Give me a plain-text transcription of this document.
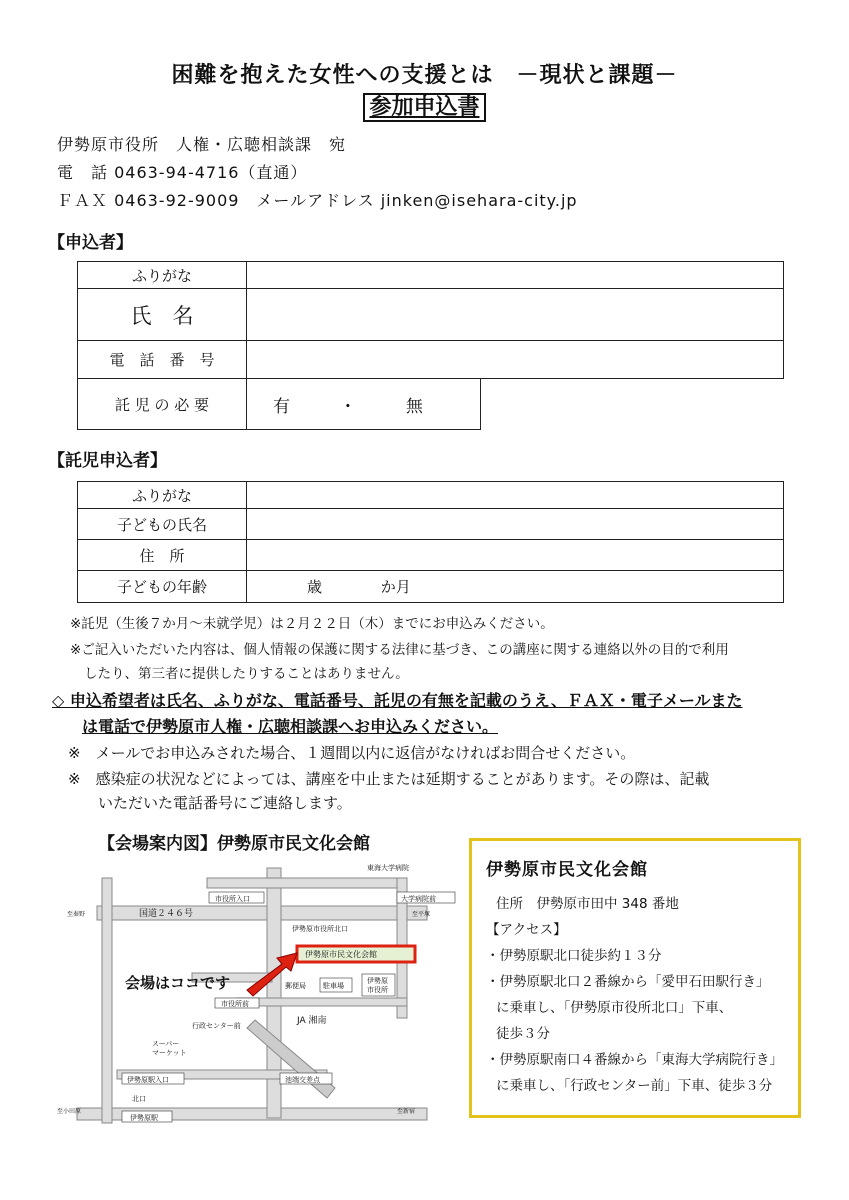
困難を抱えた女性への支援とは　－現状と課題－
参加申込書
伊勢原市役所　人権・広聴相談課　宛
電　話 0463-94-4716（直通）
ＦＡＸ 0463-92-9009　メールアドレス jinken@isehara-city.jp
【申込者】
ふりがな	
氏　名	
電　話　番　号	
託 児 の 必 要	有	・	無
【託児申込者】
ふりがな	
子どもの氏名	
住　所	
子どもの年齢	歳 か月
※託児（生後７か月～未就学児）は２月２２日（木）までにお申込みください。
※ご記入いただいた内容は、個人情報の保護に関する法律に基づき、この講座に関する連絡以外の目的で利用
したり、第三者に提供したりすることはありません。
◇ 申込希望者は氏名、ふりがな、電話番号、託児の有無を記載のうえ、ＦＡＸ・電子メールまた
は電話で伊勢原市人権・広聴相談課へお申込みください。
※　メールでお申込みされた場合、１週間以内に返信がなければお問合せください。
※　感染症の状況などによっては、講座を中止または延期することがあります。その際は、記載
いただいた電話番号にご連絡します。
【会場案内図】伊勢原市民文化会館
東海大学病院
市役所入口	大学病院前
国道２４６号
至秦野	至平塚
伊勢原市役所北口
伊勢原市民文化会館
駐車場
郵便局
伊勢原
市役所
市役所前
行政センター前	JA 湘南
スーパー
マーケット
伊勢原駅入口	池端交差点
北口
至小田原	至新宿
伊勢原駅
会場はココです
伊勢原市民文化会館
住所　伊勢原市田中 348 番地
【アクセス】
・伊勢原駅北口徒歩約１３分
・伊勢原駅北口２番線から「愛甲石田駅行き」
に乗車し、「伊勢原市役所北口」下車、
徒歩３分
・伊勢原駅南口４番線から「東海大学病院行き」
に乗車し、「行政センター前」下車、徒歩３分
